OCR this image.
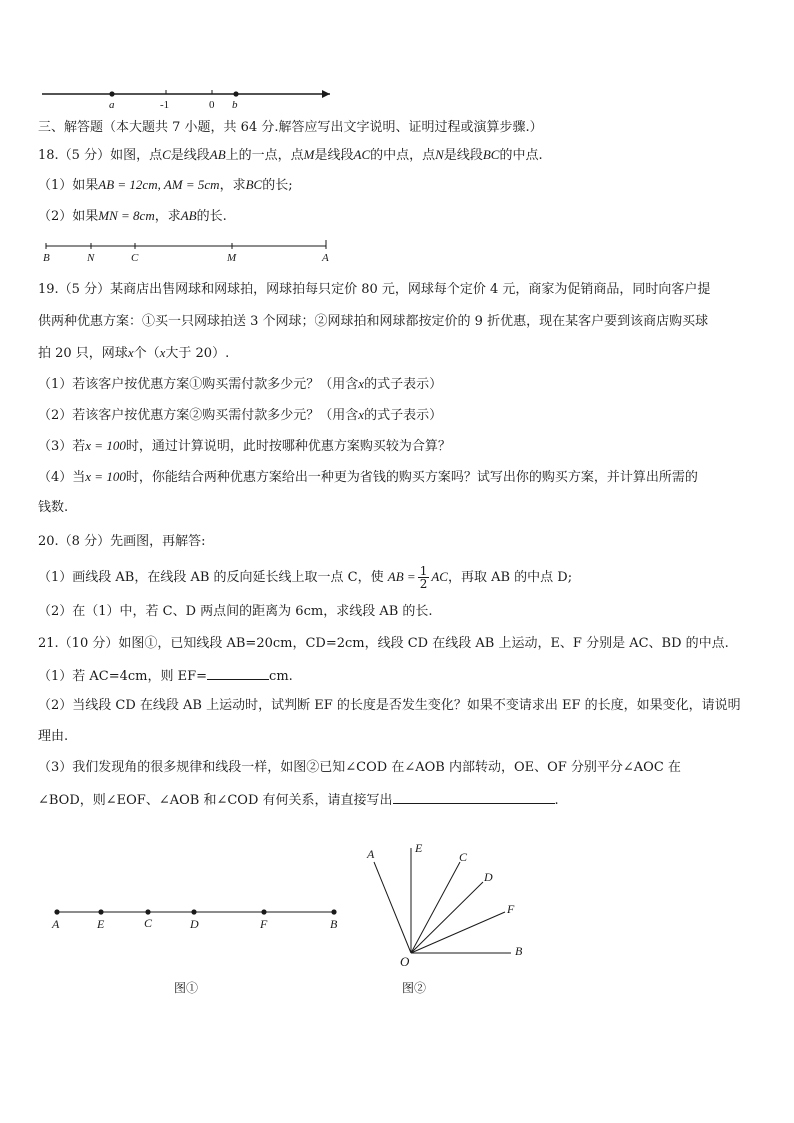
a	-1	0 b
B	N	C	M	A
A	E	C	D	F	B
图①
A	E
C
D
F
B
O
图②
三、解答题（本大题共 7 小题，共 64 分.解答应写出文字说明、证明过程或演算步骤.）
18.（5 分）如图，点C是线段AB上的一点，点M是线段AC的中点，点N是线段BC的中点.
（1）如果AB = 12cm, AM = 5cm，求BC的长;
（2）如果MN = 8cm，求AB的长.
19.（5 分）某商店出售网球和网球拍，网球拍每只定价 80 元，网球每个定价 4 元，商家为促销商品，同时向客户提
供两种优惠方案：①买一只网球拍送 3 个网球；②网球拍和网球都按定价的 9 折优惠，现在某客户要到该商店购买球
拍 20 只，网球x个（x大于 20）.
（1）若该客户按优惠方案①购买需付款多少元？（用含x的式子表示）
（2）若该客户按优惠方案②购买需付款多少元？（用含x的式子表示）
（3）若x = 100时，通过计算说明，此时按哪种优惠方案购买较为合算？
（4）当x = 100时，你能结合两种优惠方案给出一种更为省钱的购买方案吗？试写出你的购买方案，并计算出所需的
钱数.
20.（8 分）先画图，再解答:
（1）画线段 AB，在线段 AB 的反向延长线上取一点 C，使 AB = $\frac{1}{2}$ AC，再取 AB 的中点 D;
（2）在（1）中，若 C、D 两点间的距离为 6cm，求线段 AB 的长.
21.（10 分）如图①，已知线段 AB=20cm，CD=2cm，线段 CD 在线段 AB 上运动，E、F 分别是 AC、BD 的中点.
（1）若 AC=4cm，则 EF=	cm.
（2）当线段 CD 在线段 AB 上运动时，试判断 EF 的长度是否发生变化？如果不变请求出 EF 的长度，如果变化，请说明
理由.
（3）我们发现角的很多规律和线段一样，如图②已知∠COD 在∠AOB 内部转动，OE、OF 分别平分∠AOC 在
∠BOD，则∠EOF、∠AOB 和∠COD 有何关系，请直接写出	.
